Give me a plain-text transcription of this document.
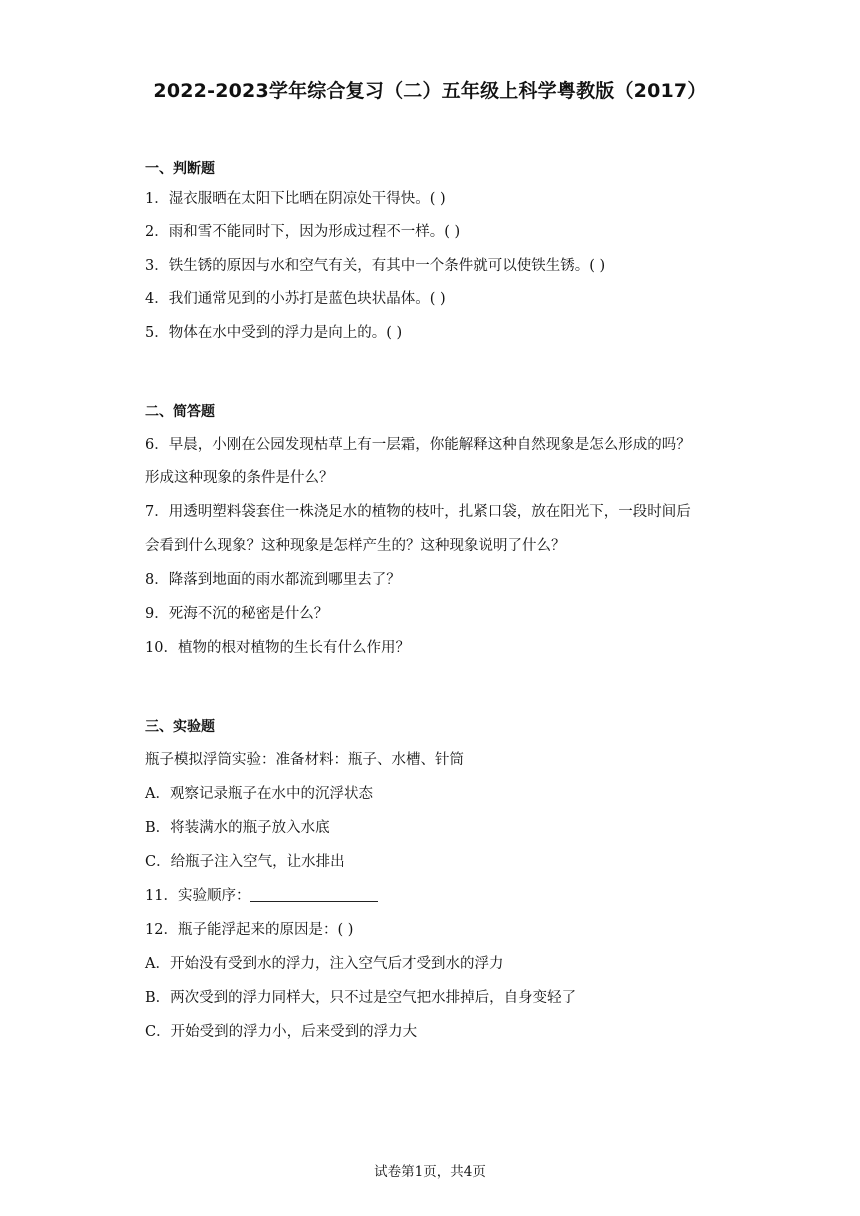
2022-2023学年综合复习（二）五年级上科学粤教版（2017）
一、判断题
1．湿衣服晒在太阳下比晒在阴凉处干得快。( )
2．雨和雪不能同时下，因为形成过程不一样。( )
3．铁生锈的原因与水和空气有关，有其中一个条件就可以使铁生锈。( )
4．我们通常见到的小苏打是蓝色块状晶体。( )
5．物体在水中受到的浮力是向上的。( )
二、简答题
6．早晨，小刚在公园发现枯草上有一层霜，你能解释这种自然现象是怎么形成的吗？
形成这种现象的条件是什么？
7．用透明塑料袋套住一株浇足水的植物的枝叶，扎紧口袋，放在阳光下，一段时间后
会看到什么现象？这种现象是怎样产生的？这种现象说明了什么？
8．降落到地面的雨水都流到哪里去了？
9．死海不沉的秘密是什么？
10．植物的根对植物的生长有什么作用？
三、实验题
瓶子模拟浮筒实验：准备材料：瓶子、水槽、针筒
A．观察记录瓶子在水中的沉浮状态
B．将装满水的瓶子放入水底
C．给瓶子注入空气，让水排出
11．实验顺序：
12．瓶子能浮起来的原因是：( )
A．开始没有受到水的浮力，注入空气后才受到水的浮力
B．两次受到的浮力同样大，只不过是空气把水排掉后，自身变轻了
C．开始受到的浮力小，后来受到的浮力大
试卷第1页，共4页
